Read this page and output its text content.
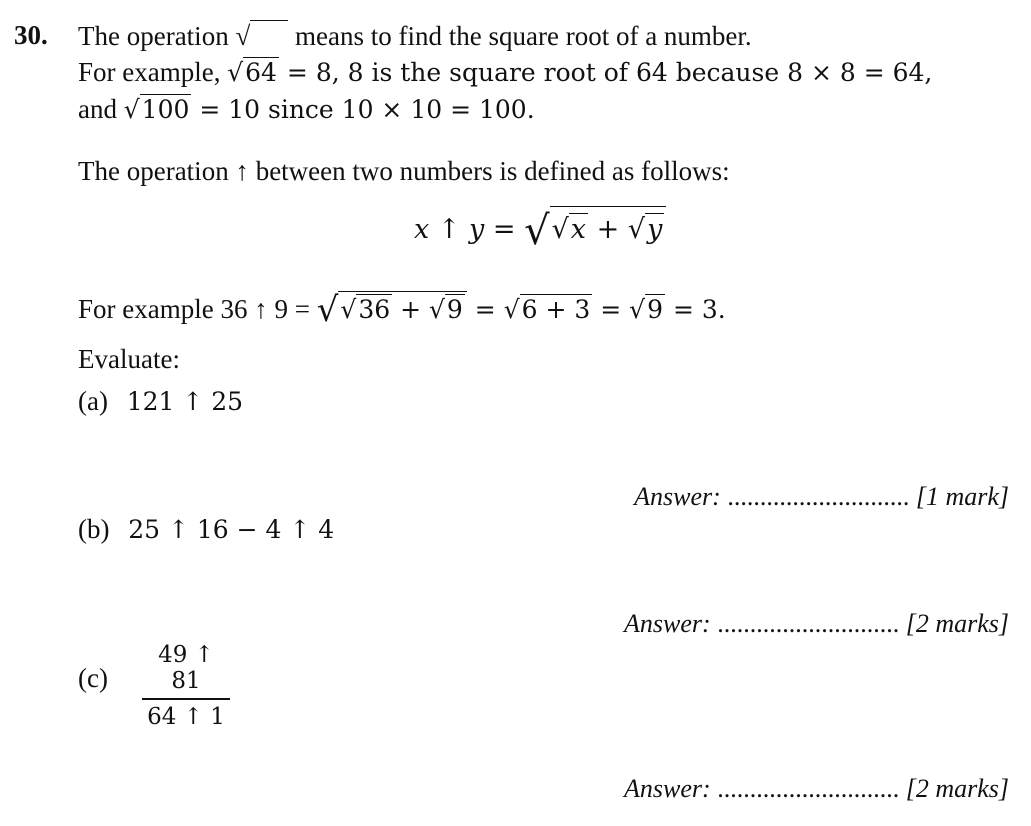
30. The operation √ means to find the square root of a number.
For example, √64 = 8, 8 is the square root of 64 because 8 × 8 = 64,
and √100 = 10 since 10 × 10 = 100.
The operation ↑ between two numbers is defined as follows:
x ↑ y = √√x + √y
For example 36 ↑ 9 = √√36 + √9 = √6 + 3 = √9 = 3.
Evaluate:
(a) 121 ↑ 25
Answer: ............................ [1 mark]
(b) 25 ↑ 16 − 4 ↑ 4
Answer: ............................ [2 marks]
(c)
49 ↑ 81
64 ↑ 1
Answer: ............................ [2 marks]
